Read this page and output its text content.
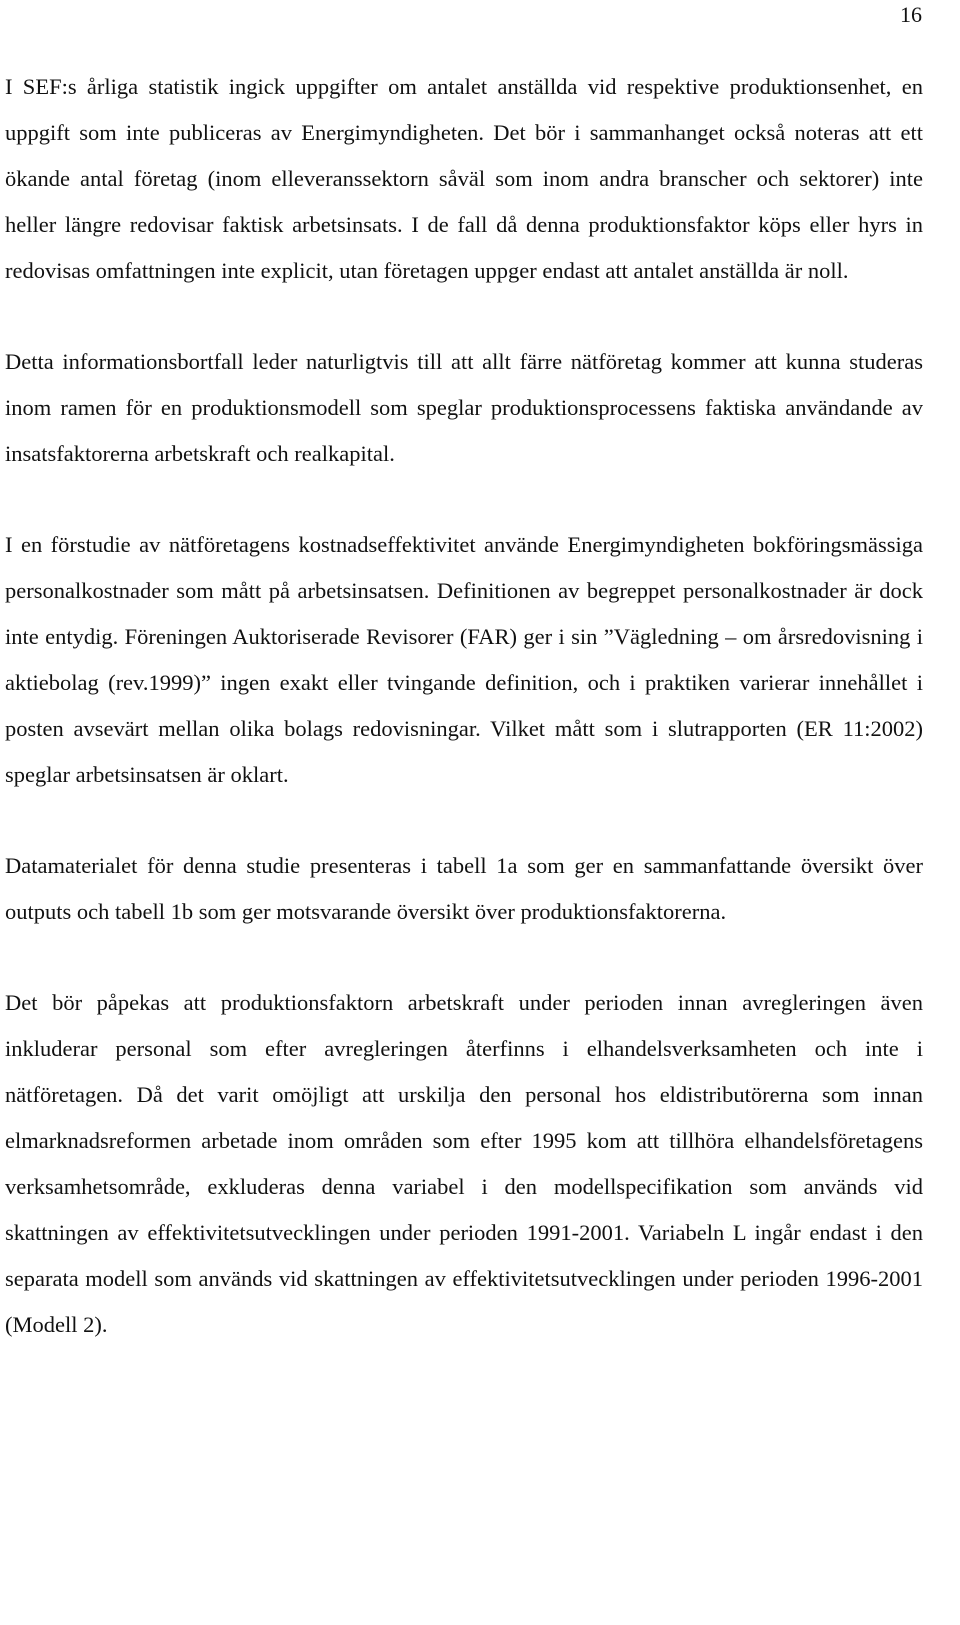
16

I SEF:s årliga statistik ingick uppgifter om antalet anställda vid respektive produktionsenhet, en uppgift som inte publiceras av Energimyndigheten. Det bör i sammanhanget också noteras att ett ökande antal företag (inom elleveranssektorn såväl som inom andra branscher och sektorer) inte heller längre redovisar faktisk arbetsinsats. I de fall då denna produktionsfaktor köps eller hyrs in redovisas omfattningen inte explicit, utan företagen uppger endast att antalet anställda är noll.

Detta informationsbortfall leder naturligtvis till att allt färre nätföretag kommer att kunna studeras inom ramen för en produktionsmodell som speglar produktionsprocessens faktiska användande av insatsfaktorerna arbetskraft och realkapital.

I en förstudie av nätföretagens kostnadseffektivitet använde Energimyndigheten bokföringsmässiga personalkostnader som mått på arbetsinsatsen. Definitionen av begreppet personalkostnader är dock inte entydig. Föreningen Auktoriserade Revisorer (FAR) ger i sin ”Vägledning – om årsredovisning i aktiebolag (rev.1999)” ingen exakt eller tvingande definition, och i praktiken varierar innehållet i posten avsevärt mellan olika bolags redovisningar. Vilket mått som i slutrapporten (ER 11:2002) speglar arbetsinsatsen är oklart.

Datamaterialet för denna studie presenteras i tabell 1a som ger en sammanfattande översikt över outputs och tabell 1b som ger motsvarande översikt över produktionsfaktorerna.

Det bör påpekas att produktionsfaktorn arbetskraft under perioden innan avregleringen även inkluderar personal som efter avregleringen återfinns i elhandelsverksamheten och inte i nätföretagen. Då det varit omöjligt att urskilja den personal hos eldistributörerna som innan elmarknadsreformen arbetade inom områden som efter 1995 kom att tillhöra elhandelsföretagens verksamhetsområde, exkluderas denna variabel i den modellspecifikation som används vid skattningen av effektivitetsutvecklingen under perioden 1991-2001. Variabeln L ingår endast i den separata modell som används vid skattningen av effektivitetsutvecklingen under perioden 1996-2001 (Modell 2).
